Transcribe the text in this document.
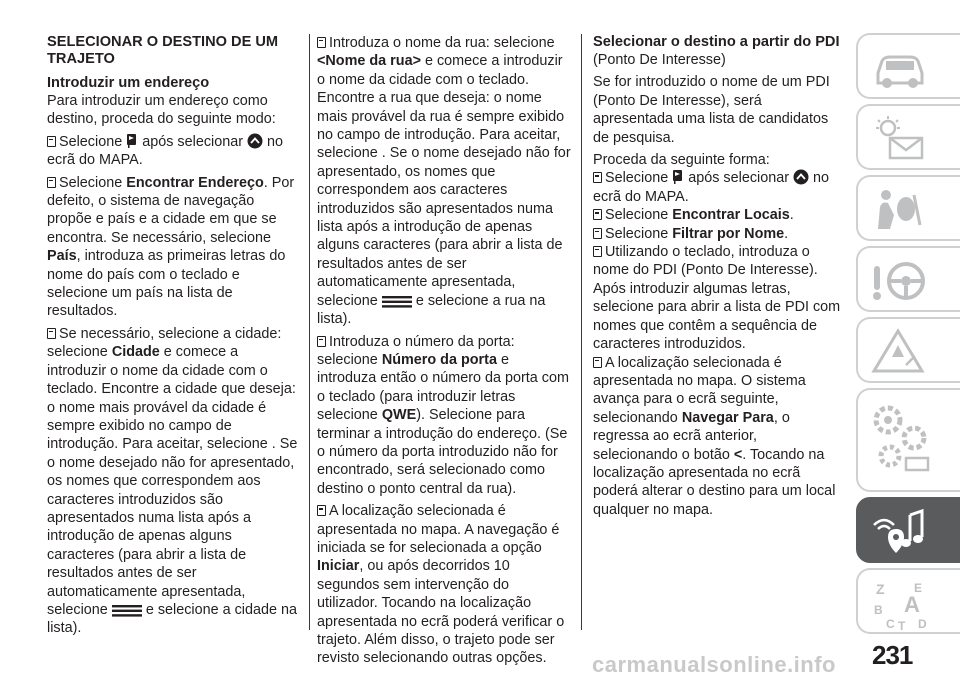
SELECIONAR O DESTINO DE UM TRAJETO
Introduzir um endereço

Para introduzir um endereço como destino, proceda do seguinte modo:

Selecione após selecionar no ecrã do MAPA.

Selecione Encontrar Endereço. Por defeito, o sistema de navegação propõe e país e a cidade em que se encontra. Se necessário, selecione País, introduza as primeiras letras do nome do país com o teclado e selecione um país na lista de resultados.

Se necessário, selecione a cidade: selecione Cidade e comece a introduzir o nome da cidade com o teclado. Encontre a cidade que deseja: o nome mais provável da cidade é sempre exibido no campo de introdução. Para aceitar, selecione . Se o nome desejado não for apresentado, os nomes que correspondem aos caracteres introduzidos são apresentados numa lista após a introdução de apenas alguns caracteres (para abrir a lista de resultados antes de ser automaticamente apresentada, selecione	e selecione a cidade na lista).

Introduza o nome da rua: selecione <Nome da rua> e comece a introduzir o nome da cidade com o teclado. Encontre a rua que deseja: o nome mais provável da rua é sempre exibido no campo de introdução. Para aceitar, selecione . Se o nome desejado não for apresentado, os nomes que correspondem aos caracteres introduzidos são apresentados numa lista após a introdução de apenas alguns caracteres (para abrir a lista de resultados antes de ser automaticamente apresentada, selecione	e selecione a rua na lista).

Introduza o número da porta: selecione Número da porta e introduza então o número da porta com o teclado (para introduzir letras selecione QWE). Selecione para terminar a introdução do endereço. (Se o número da porta introduzido não for encontrado, será selecionado como destino o ponto central da rua).

A localização selecionada é apresentada no mapa. A navegação é iniciada se for selecionada a opção Iniciar, ou após decorridos 10 segundos sem intervenção do utilizador. Tocando na localização apresentada no ecrã poderá verificar o trajeto. Além disso, o trajeto pode ser revisto selecionando outras opções.

Selecionar o destino a partir do PDI

(Ponto De Interesse)

Se for introduzido o nome de um PDI (Ponto De Interesse), será apresentada uma lista de candidatos de pesquisa.

Proceda da seguinte forma:

Selecione após selecionar no ecrã do MAPA.

Selecione Encontrar Locais.

Selecione Filtrar por Nome.

Utilizando o teclado, introduza o nome do PDI (Ponto De Interesse). Após introduzir algumas letras, selecione para abrir a lista de PDI com nomes que contêm a sequência de caracteres introduzidos.

A localização selecionada é apresentada no mapa. O sistema avança para o ecrã seguinte, selecionando Navegar Para, o regressa ao ecrã anterior, selecionando o botão <. Tocando na localização apresentada no ecrã poderá alterar o destino para um local qualquer no mapa.

Z E
B A
C T D
231
carmanualsonline.info
